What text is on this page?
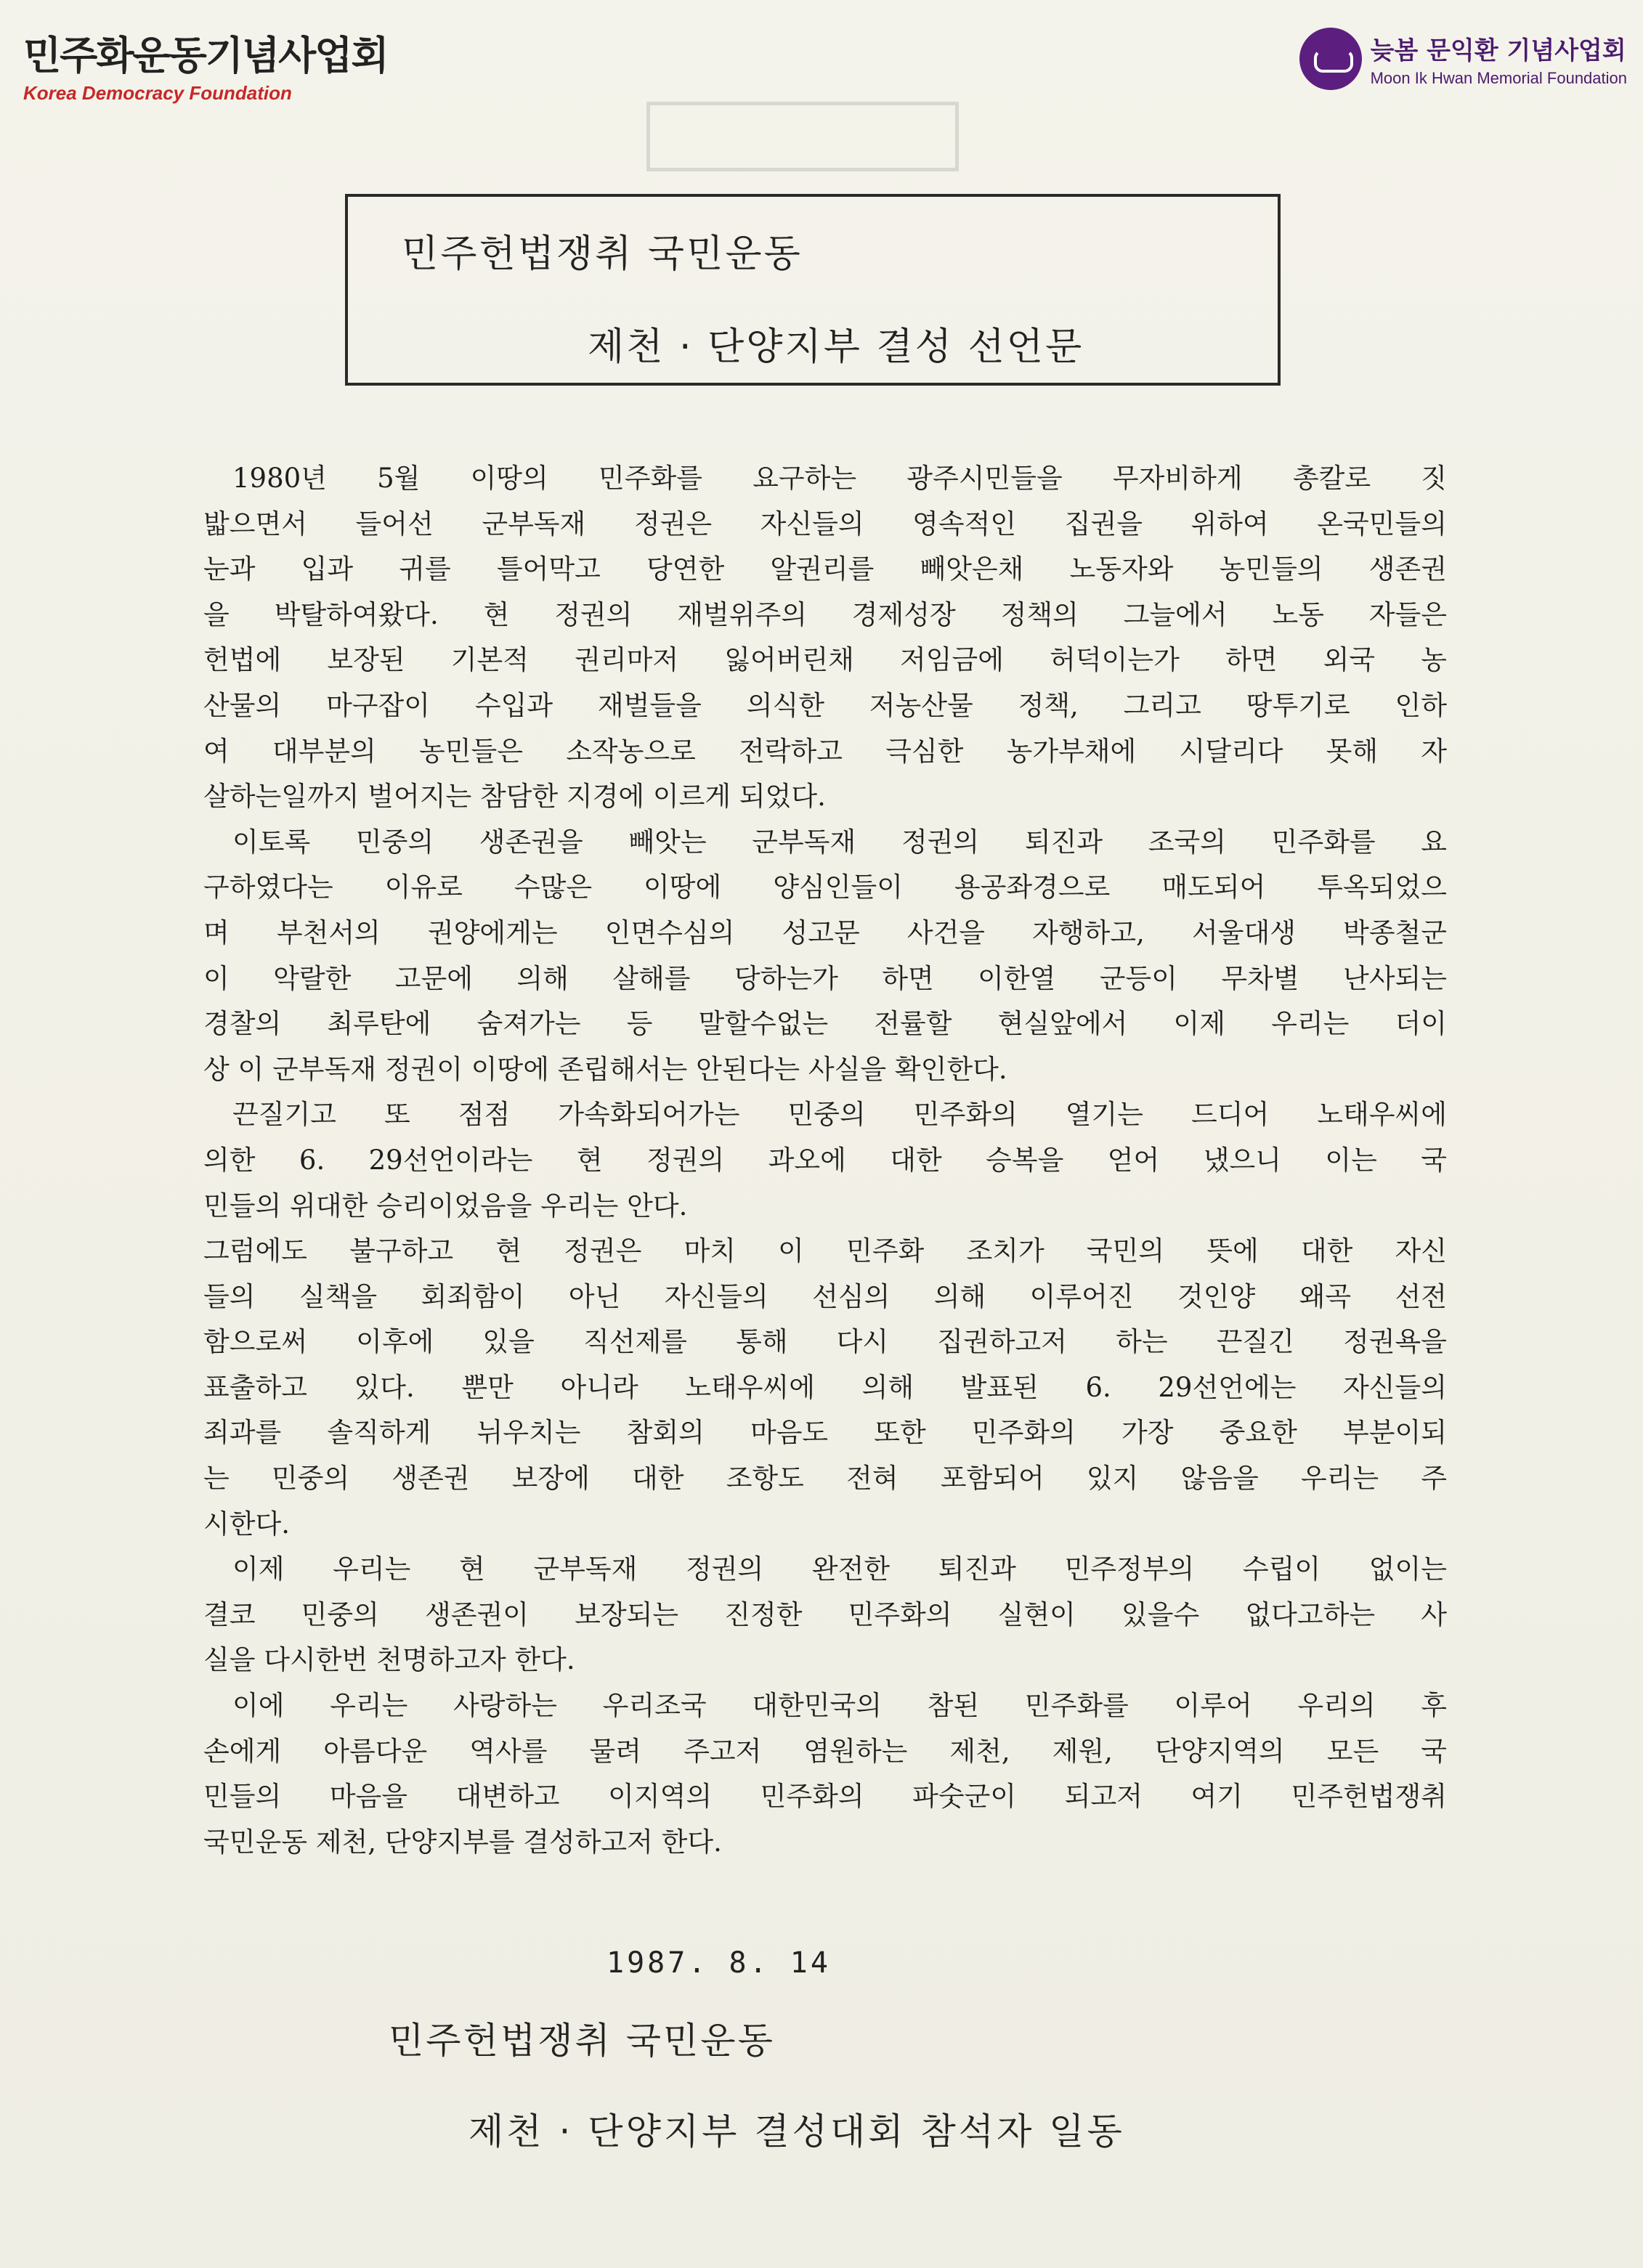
민주화운동기념사업회
Korea Democracy Foundation
늦봄 문익환 기념사업회
Moon Ik Hwan Memorial Foundation
민주헌법쟁취 국민운동
제천 · 단양지부 결성 선언문
1980년 5월 이땅의 민주화를 요구하는 광주시민들을 무자비하게 총칼로 짓
밟으면서 들어선 군부독재 정권은 자신들의 영속적인 집권을 위하여 온국민들의
눈과 입과 귀를 틀어막고 당연한 알권리를 빼앗은채 노동자와 농민들의 생존권
을 박탈하여왔다. 현 정권의 재벌위주의 경제성장 정책의 그늘에서 노동 자들은
헌법에 보장된 기본적 권리마저 잃어버린채 저임금에 허덕이는가 하면 외국 농
산물의 마구잡이 수입과 재벌들을 의식한 저농산물 정책, 그리고 땅투기로 인하
여 대부분의 농민들은 소작농으로 전락하고 극심한 농가부채에 시달리다 못해 자
살하는일까지 벌어지는 참담한 지경에 이르게 되었다.
이토록 민중의 생존권을 빼앗는 군부독재 정권의 퇴진과 조국의 민주화를 요
구하였다는 이유로 수많은 이땅에 양심인들이 용공좌경으로 매도되어 투옥되었으
며 부천서의 권양에게는 인면수심의 성고문 사건을 자행하고, 서울대생 박종철군
이 악랄한 고문에 의해 살해를 당하는가 하면 이한열 군등이 무차별 난사되는
경찰의 최루탄에 숨져가는 등 말할수없는 전률할 현실앞에서 이제 우리는 더이
상 이 군부독재 정권이 이땅에 존립해서는 안된다는 사실을 확인한다.
끈질기고 또 점점 가속화되어가는 민중의 민주화의 열기는 드디어 노태우씨에
의한 6. 29선언이라는 현 정권의 과오에 대한 승복을 얻어 냈으니 이는 국
민들의 위대한 승리이었음을 우리는 안다.
그럼에도 불구하고 현 정권은 마치 이 민주화 조치가 국민의 뜻에 대한 자신
들의 실책을 회죄함이 아닌 자신들의 선심의 의해 이루어진 것인양 왜곡 선전
함으로써 이후에 있을 직선제를 통해 다시 집권하고저 하는 끈질긴 정권욕을
표출하고 있다. 뿐만 아니라 노태우씨에 의해 발표된 6. 29선언에는 자신들의
죄과를 솔직하게 뉘우치는 참회의 마음도 또한 민주화의 가장 중요한 부분이되
는 민중의 생존권 보장에 대한 조항도 전혀 포함되어 있지 않음을 우리는 주
시한다.
이제 우리는 현 군부독재 정권의 완전한 퇴진과 민주정부의 수립이 없이는
결코 민중의 생존권이 보장되는 진정한 민주화의 실현이 있을수 없다고하는 사
실을 다시한번 천명하고자 한다.
이에 우리는 사랑하는 우리조국 대한민국의 참된 민주화를 이루어 우리의 후
손에게 아름다운 역사를 물려 주고저 염원하는 제천, 제원, 단양지역의 모든 국
민들의 마음을 대변하고 이지역의 민주화의 파숫군이 되고저 여기 민주헌법쟁취
국민운동 제천, 단양지부를 결성하고저 한다.
1987. 8. 14
민주헌법쟁취 국민운동
제천 · 단양지부 결성대회 참석자 일동
